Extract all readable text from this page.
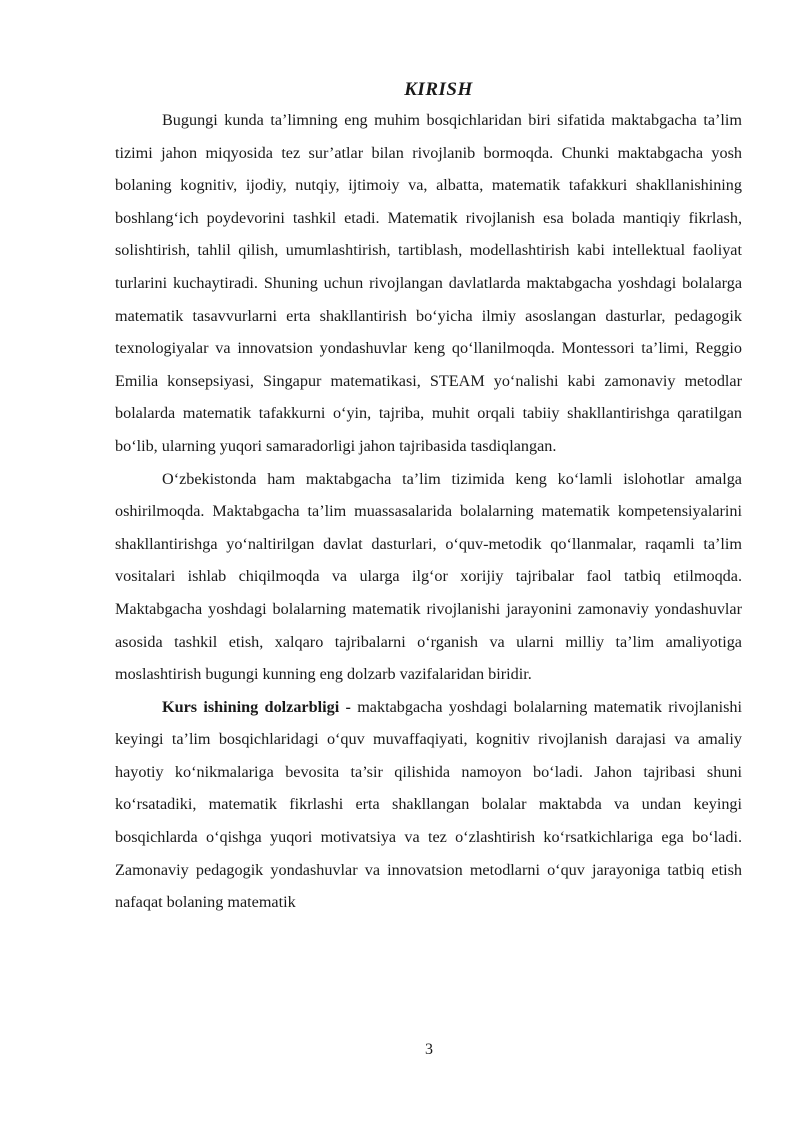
KIRISH

Bugungi kunda ta’limning eng muhim bosqichlaridan biri sifatida maktabgacha ta’lim tizimi jahon miqyosida tez sur’atlar bilan rivojlanib bormoqda. Chunki maktabgacha yosh bolaning kognitiv, ijodiy, nutqiy, ijtimoiy va, albatta, matematik tafakkuri shakllanishining boshlang‘ich poydevorini tashkil etadi. Matematik rivojlanish esa bolada mantiqiy fikrlash, solishtirish, tahlil qilish, umumlashtirish, tartiblash, modellashtirish kabi intellektual faoliyat turlarini kuchaytiradi. Shuning uchun rivojlangan davlatlarda maktabgacha yoshdagi bolalarga matematik tasavvurlarni erta shakllantirish bo‘yicha ilmiy asoslangan dasturlar, pedagogik texnologiyalar va innovatsion yondashuvlar keng qo‘llanilmoqda. Montessori ta’limi, Reggio Emilia konsepsiyasi, Singapur matematikasi, STEAM yo‘nalishi kabi zamonaviy metodlar bolalarda matematik tafakkurni o‘yin, tajriba, muhit orqali tabiiy shakllantirishga qaratilgan bo‘lib, ularning yuqori samaradorligi jahon tajribasida tasdiqlangan.

O‘zbekistonda ham maktabgacha ta’lim tizimida keng ko‘lamli islohotlar amalga oshirilmoqda. Maktabgacha ta’lim muassasalarida bolalarning matematik kompetensiyalarini shakllantirishga yo‘naltirilgan davlat dasturlari, o‘quv-metodik qo‘llanmalar, raqamli ta’lim vositalari ishlab chiqilmoqda va ularga ilg‘or xorijiy tajribalar faol tatbiq etilmoqda. Maktabgacha yoshdagi bolalarning matematik rivojlanishi jarayonini zamonaviy yondashuvlar asosida tashkil etish, xalqaro tajribalarni o‘rganish va ularni milliy ta’lim amaliyotiga moslashtirish bugungi kunning eng dolzarb vazifalaridan biridir.

Kurs ishining dolzarbligi - maktabgacha yoshdagi bolalarning matematik rivojlanishi keyingi ta’lim bosqichlaridagi o‘quv muvaffaqiyati, kognitiv rivojlanish darajasi va amaliy hayotiy ko‘nikmalariga bevosita ta’sir qilishida namoyon bo‘ladi. Jahon tajribasi shuni ko‘rsatadiki, matematik fikrlashi erta shakllangan bolalar maktabda va undan keyingi bosqichlarda o‘qishga yuqori motivatsiya va tez o‘zlashtirish ko‘rsatkichlariga ega bo‘ladi. Zamonaviy pedagogik yondashuvlar va innovatsion metodlarni o‘quv jarayoniga tatbiq etish nafaqat bolaning matematik

3
